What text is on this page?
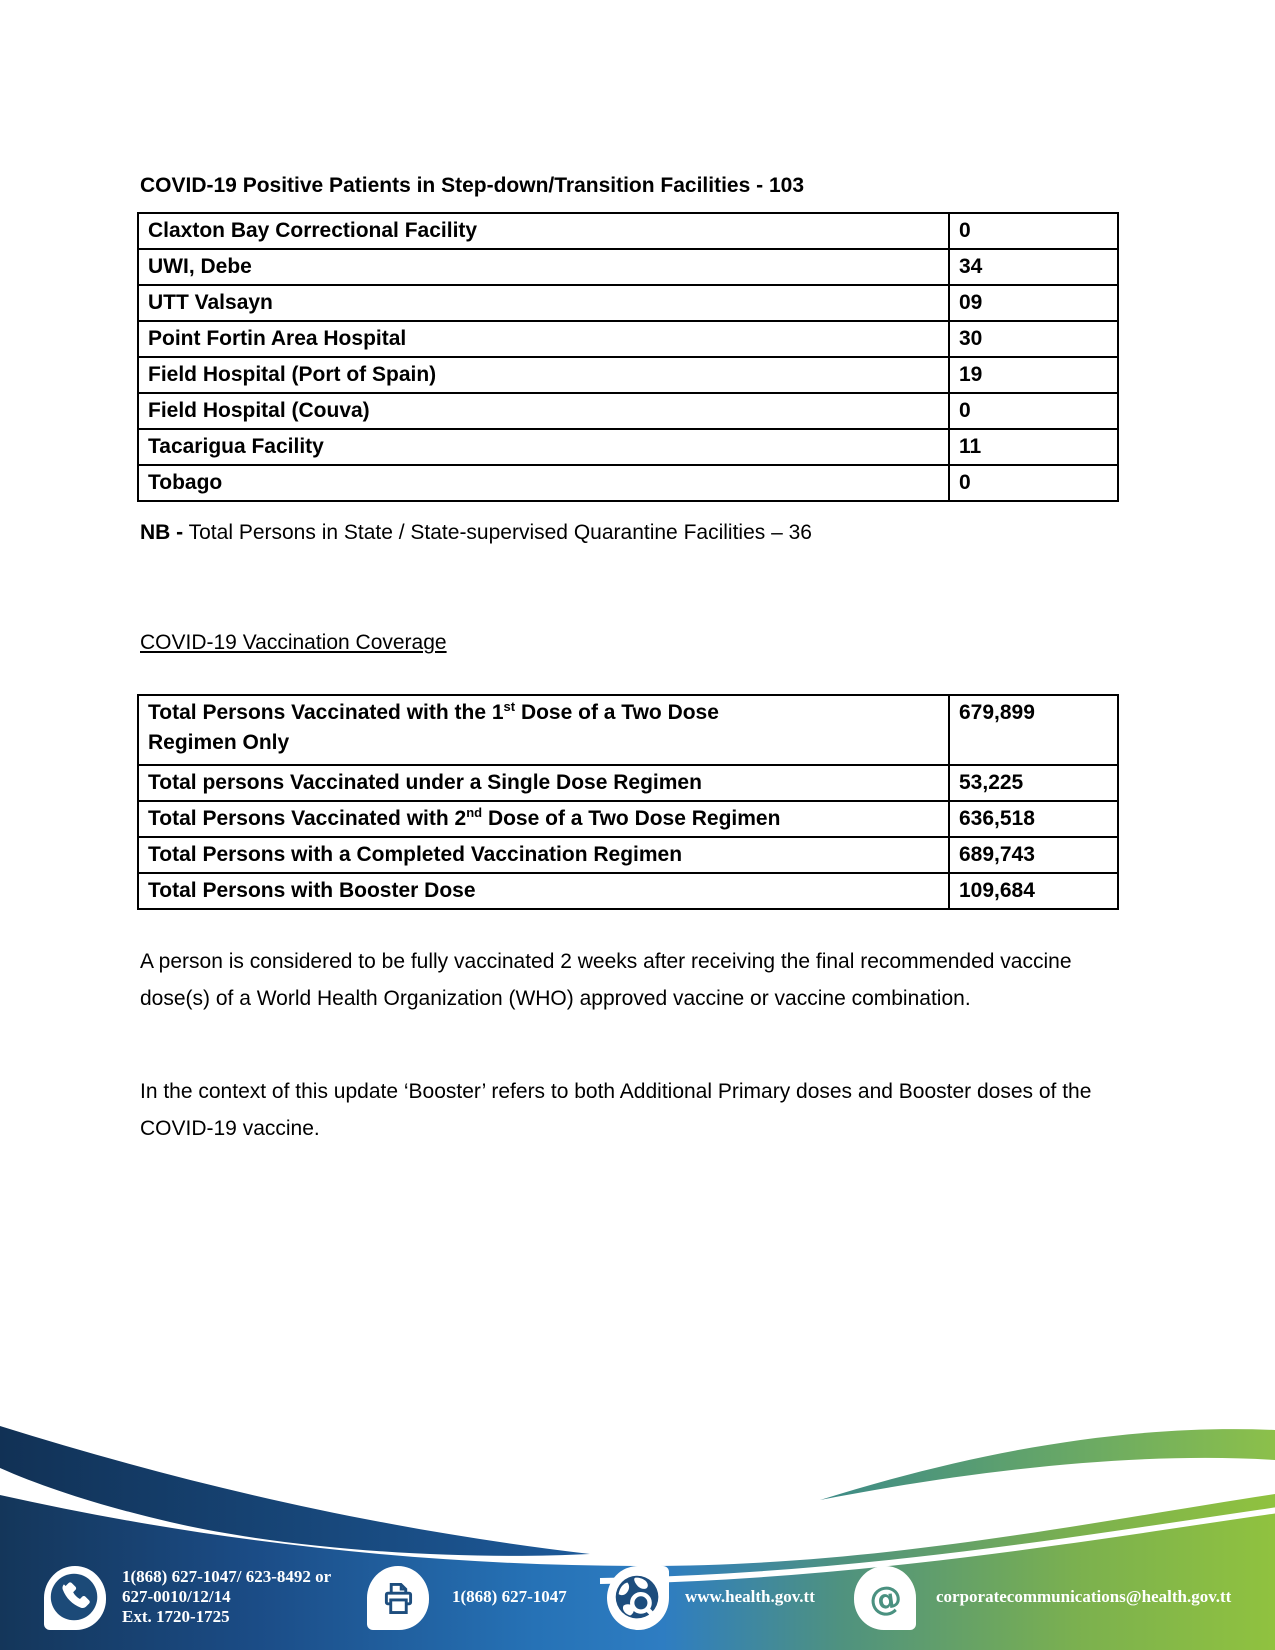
COVID-19 Positive Patients in Step-down/Transition Facilities - 103
Claxton Bay Correctional Facility	0
UWI, Debe	34
UTT Valsayn	09
Point Fortin Area Hospital	30
Field Hospital (Port of Spain)	19
Field Hospital (Couva)	0
Tacarigua Facility	11
Tobago	0
NB - Total Persons in State / State-supervised Quarantine Facilities – 36
COVID-19 Vaccination Coverage
Total Persons Vaccinated with the 1st Dose of a Two Dose
Regimen Only	679,899
Total persons Vaccinated under a Single Dose Regimen	53,225
Total Persons Vaccinated with 2nd Dose of a Two Dose Regimen	636,518
Total Persons with a Completed Vaccination Regimen	689,743
Total Persons with Booster Dose	109,684

A person is considered to be fully vaccinated 2 weeks after receiving the final recommended vaccine dose(s) of a World Health Organization (WHO) approved vaccine or vaccine combination.

In the context of this update ‘Booster’ refers to both Additional Primary doses and Booster doses of the COVID-19 vaccine.

1(868) 627-1047/ 623-8492 or
627-0010/12/14
Ext. 1720-1725
1(868) 627-1047	www.health.gov.tt @ corporatecommunications@health.gov.tt
